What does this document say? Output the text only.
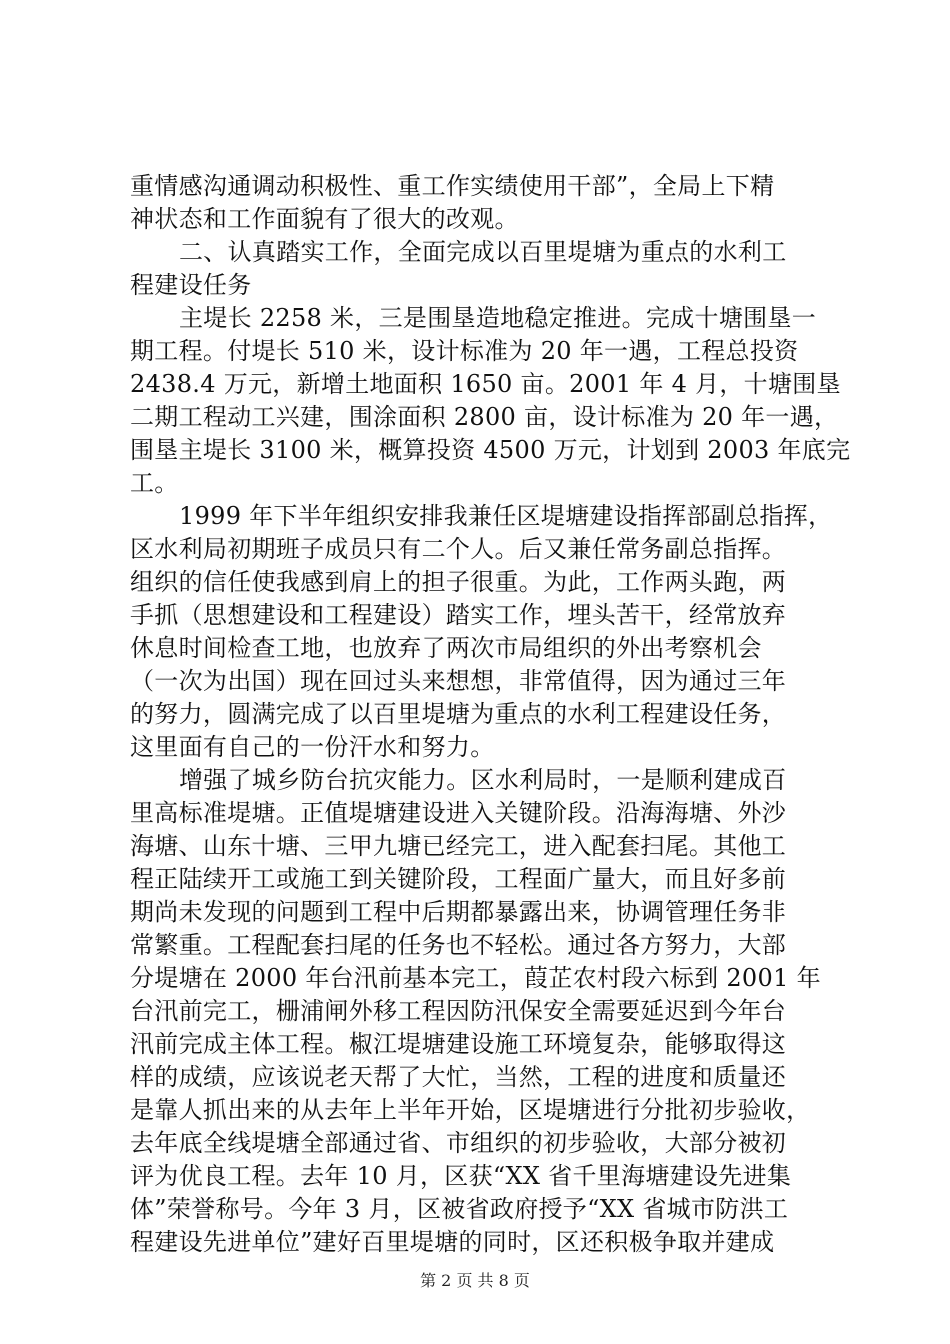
重情感沟通调动积极性、重工作实绩使用干部”，全局上下精
神状态和工作面貌有了很大的改观。
二、认真踏实工作，全面完成以百里堤塘为重点的水利工
程建设任务
主堤长 2258 米，三是围垦造地稳定推进。完成十塘围垦一
期工程。付堤长 510 米，设计标准为 20 年一遇，工程总投资
2438.4 万元，新增土地面积 1650 亩。2001 年 4 月，十塘围垦
二期工程动工兴建，围涂面积 2800 亩，设计标准为 20 年一遇，
围垦主堤长 3100 米，概算投资 4500 万元，计划到 2003 年底完
工。
1999 年下半年组织安排我兼任区堤塘建设指挥部副总指挥，
区水利局初期班子成员只有二个人。后又兼任常务副总指挥。
组织的信任使我感到肩上的担子很重。为此，工作两头跑，两
手抓（思想建设和工程建设）踏实工作，埋头苦干，经常放弃
休息时间检查工地，也放弃了两次市局组织的外出考察机会
（一次为出国）现在回过头来想想，非常值得，因为通过三年
的努力，圆满完成了以百里堤塘为重点的水利工程建设任务，
这里面有自己的一份汗水和努力。
增强了城乡防台抗灾能力。区水利局时，一是顺利建成百
里高标准堤塘。正值堤塘建设进入关键阶段。沿海海塘、外沙
海塘、山东十塘、三甲九塘已经完工，进入配套扫尾。其他工
程正陆续开工或施工到关键阶段，工程面广量大，而且好多前
期尚未发现的问题到工程中后期都暴露出来，协调管理任务非
常繁重。工程配套扫尾的任务也不轻松。通过各方努力，大部
分堤塘在 2000 年台汛前基本完工，葭芷农村段六标到 2001 年
台汛前完工，栅浦闸外移工程因防汛保安全需要延迟到今年台
汛前完成主体工程。椒江堤塘建设施工环境复杂，能够取得这
样的成绩，应该说老天帮了大忙，当然，工程的进度和质量还
是靠人抓出来的从去年上半年开始，区堤塘进行分批初步验收，
去年底全线堤塘全部通过省、市组织的初步验收，大部分被初
评为优良工程。去年 10 月，区获“XX 省千里海塘建设先进集
体”荣誉称号。今年 3 月，区被省政府授予“XX 省城市防洪工
程建设先进单位”建好百里堤塘的同时，区还积极争取并建成
第 2 页 共 8 页
